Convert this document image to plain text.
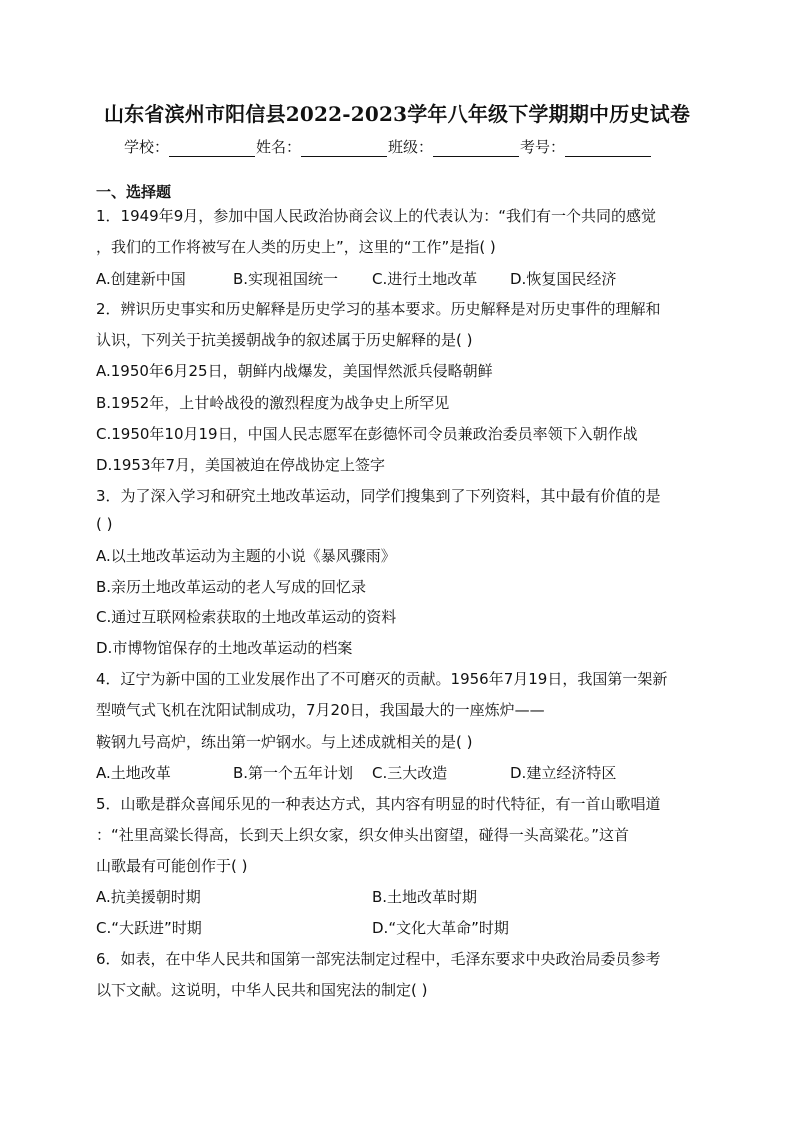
山东省滨州市阳信县2022-2023学年八年级下学期期中历史试卷
学校：	姓名：	班级：	考号：
一、选择题
1．1949年9月，参加中国人民政治协商会议上的代表认为：“我们有一个共同的感觉
，我们的工作将被写在人类的历史上”，这里的“工作”是指( )
A.创建新中国	B.实现祖国统一 C.进行土地改革 D.恢复国民经济
2．辨识历史事实和历史解释是历史学习的基本要求。历史解释是对历史事件的理解和
认识，下列关于抗美援朝战争的叙述属于历史解释的是( )
A.1950年6月25日，朝鲜内战爆发，美国悍然派兵侵略朝鲜
B.1952年，上甘岭战役的激烈程度为战争史上所罕见
C.1950年10月19日，中国人民志愿军在彭德怀司令员兼政治委员率领下入朝作战
D.1953年7月，美国被迫在停战协定上签字
3．为了深入学习和研究土地改革运动，同学们搜集到了下列资料，其中最有价值的是
( )
A.以土地改革运动为主题的小说《暴风骤雨》
B.亲历土地改革运动的老人写成的回忆录
C.通过互联网检索获取的土地改革运动的资料
D.市博物馆保存的土地改革运动的档案
4．辽宁为新中国的工业发展作出了不可磨灭的贡献。1956年7月19日，我国第一架新
型喷气式飞机在沈阳试制成功，7月20日，我国最大的一座炼炉——
鞍钢九号高炉，练出第一炉钢水。与上述成就相关的是( )
A.土地改革	B.第一个五年计划 C.三大改造	D.建立经济特区
5．山歌是群众喜闻乐见的一种表达方式，其内容有明显的时代特征，有一首山歌唱道
：“社里高粱长得高，长到天上织女家，织女伸头出窗望，碰得一头高粱花。”这首
山歌最有可能创作于( )
A.抗美援朝时期	B.土地改革时期
C.“大跃进”时期	D.“文化大革命”时期
6．如表，在中华人民共和国第一部宪法制定过程中，毛泽东要求中央政治局委员参考
以下文献。这说明，中华人民共和国宪法的制定( )
